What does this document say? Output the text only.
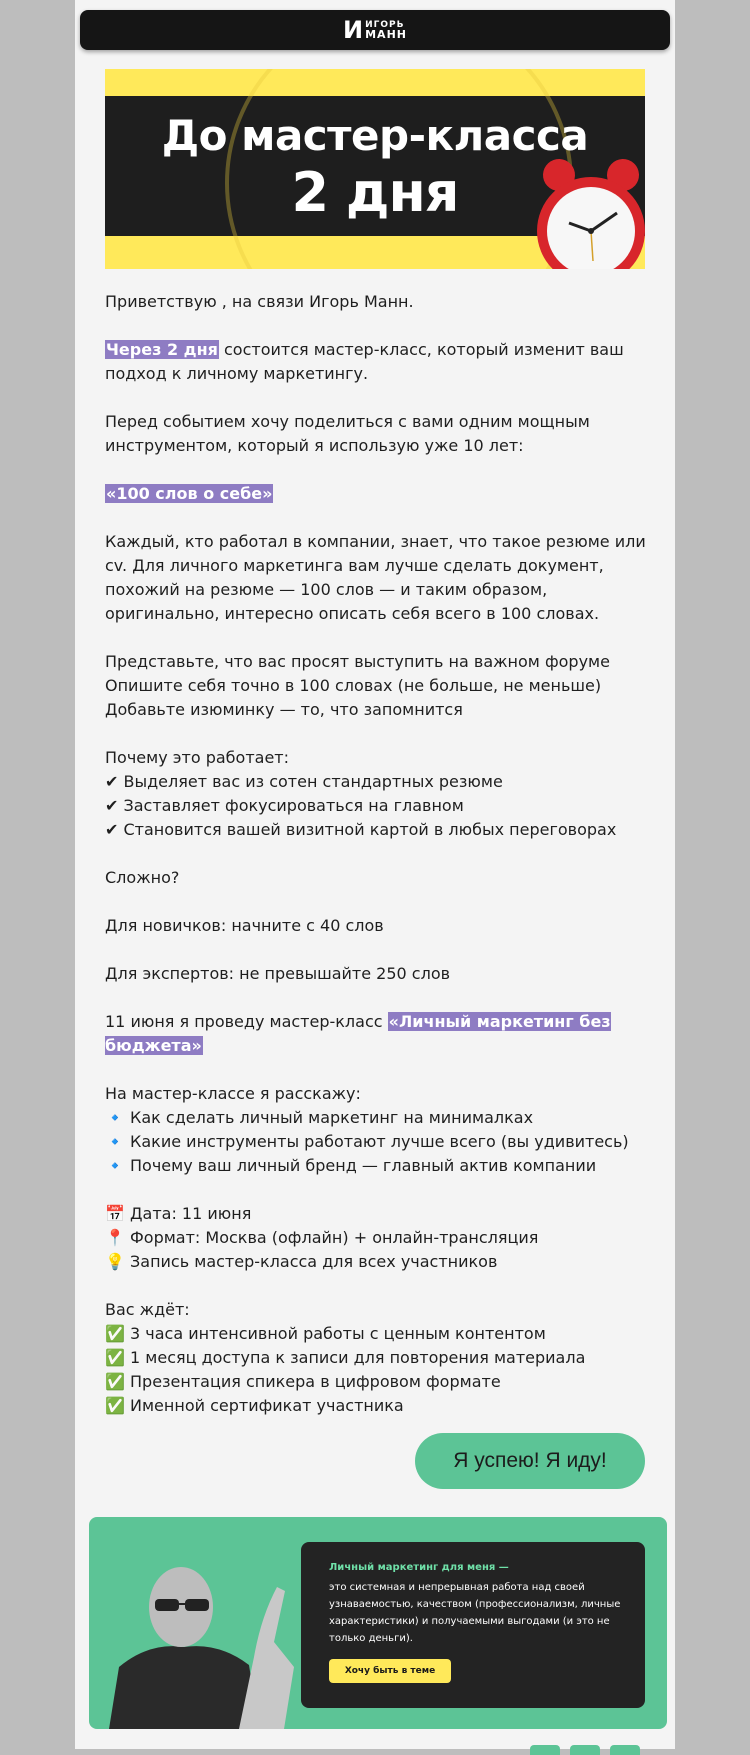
И ИГОРЬ
МАНН
До мастер-класса
2 дня

Приветствую , на связи Игорь Манн.

Через 2 дня состоится мастер-класс, который изменит ваш подход к личному маркетингу.

Перед событием хочу поделиться с вами одним мощным инструментом, который я использую уже 10 лет:

«100 слов о себе»

Каждый, кто работал в компании, знает, что такое резюме или cv. Для личного маркетинга вам лучше сделать документ, похожий на резюме — 100 слов — и таким образом, оригинально, интересно описать себя всего в 100 словах.

Представьте, что вас просят выступить на важном форуме
Опишите себя точно в 100 словах (не больше, не меньше)
Добавьте изюминку — то, что запомнится

Почему это работает:
✔ Выделяет вас из сотен стандартных резюме
✔ Заставляет фокусироваться на главном
✔ Становится вашей визитной картой в любых переговорах

Сложно?

Для новичков: начните с 40 слов

Для экспертов: не превышайте 250 слов

11 июня я проведу мастер-класс «Личный маркетинг без бюджета»

На мастер-классе я расскажу:
🔹 Как сделать личный маркетинг на минималках
🔹 Какие инструменты работают лучше всего (вы удивитесь)
🔹 Почему ваш личный бренд — главный актив компании

📅 Дата: 11 июня
📍 Формат: Москва (офлайн) + онлайн-трансляция
💡 Запись мастер-класса для всех участников

Вас ждёт:
✅ 3 часа интенсивной работы с ценным контентом
✅ 1 месяц доступа к записи для повторения материала
✅ Презентация спикера в цифровом формате
✅ Именной сертификат участника

Я успею! Я иду!
Личный маркетинг для меня —
это системная и непрерывная работа над своей узнаваемостью, качеством (профессионализм, личные характеристики) и получаемыми выгодами (и это не только деньги).
Хочу быть в теме
